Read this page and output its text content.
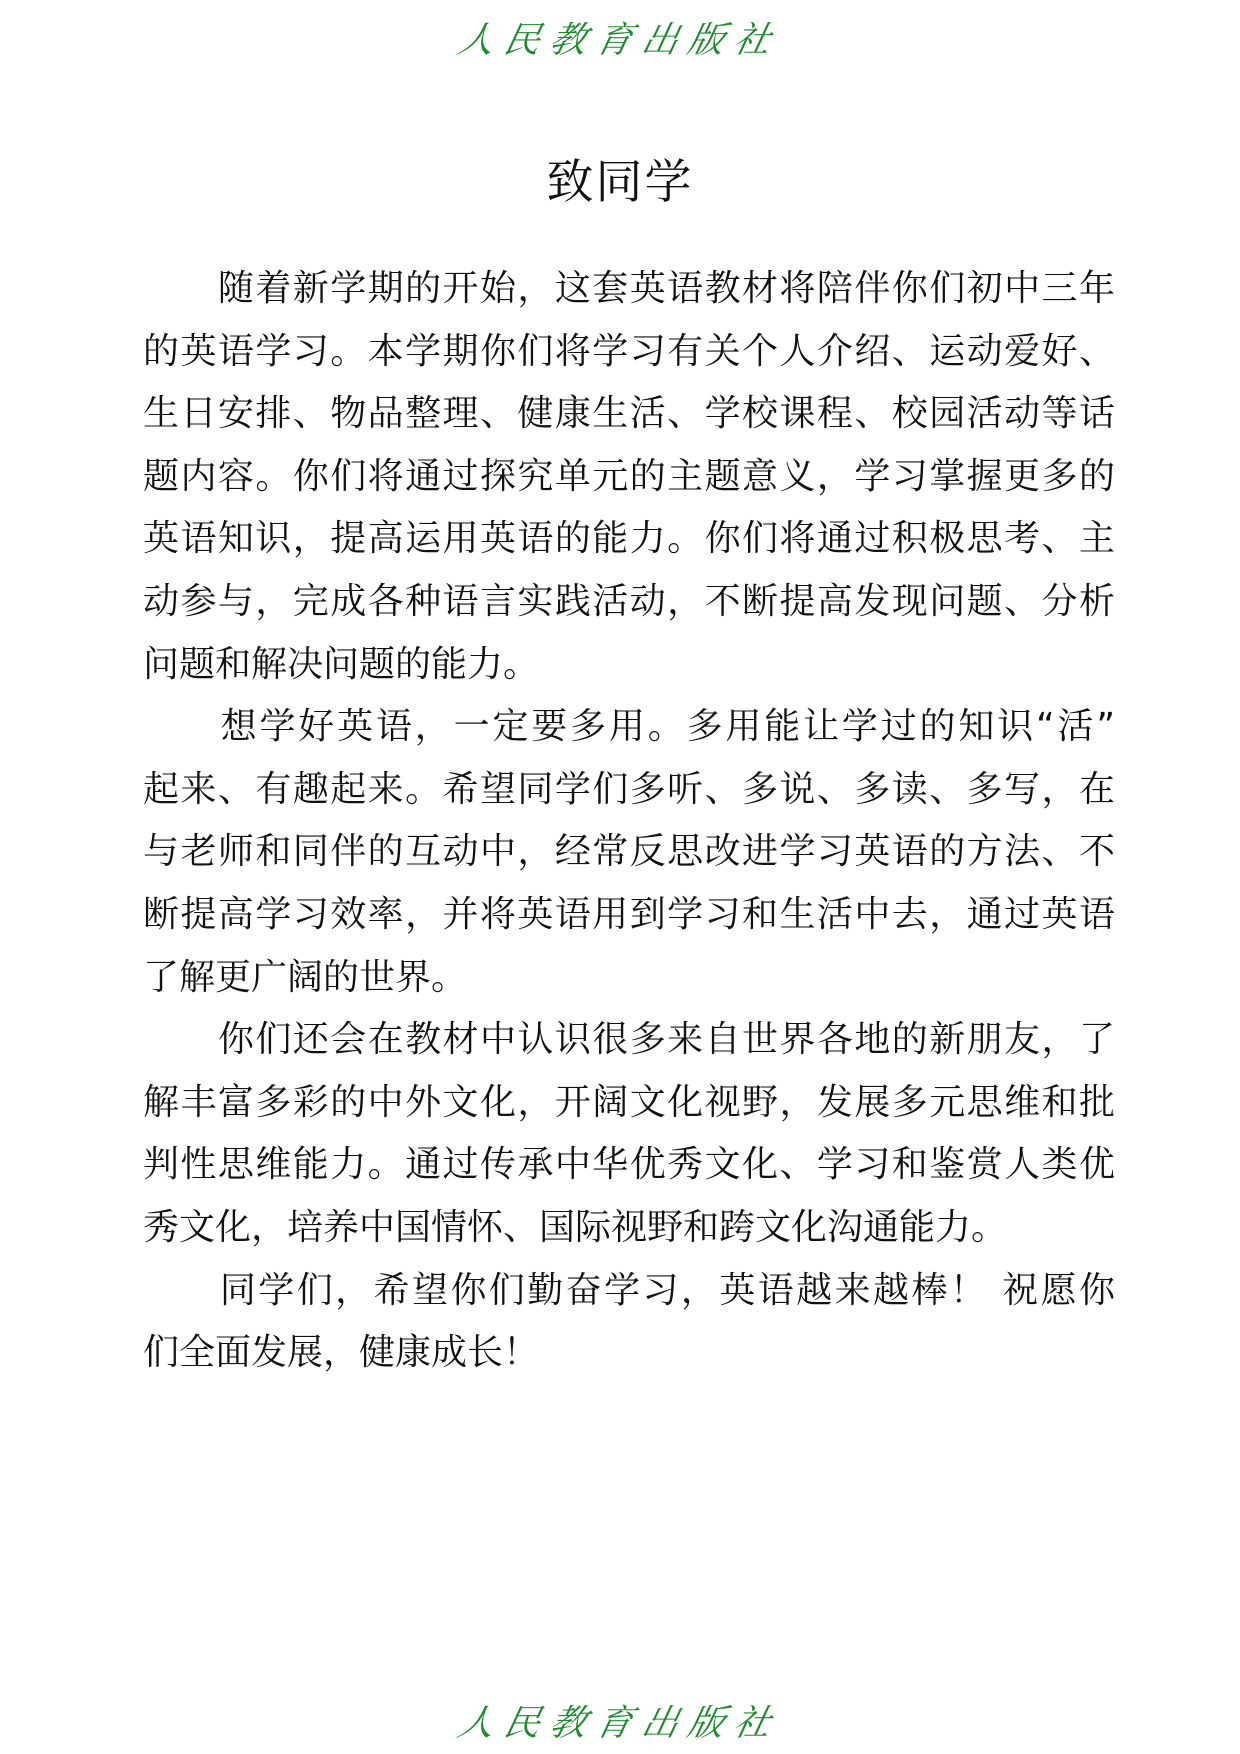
人民教育出版社
致同学
　　随着新学期的开始，这套英语教材将陪伴你们初中三年
的英语学习。本学期你们将学习有关个人介绍、运动爱好、
生日安排、物品整理、健康生活、学校课程、校园活动等话
题内容。你们将通过探究单元的主题意义，学习掌握更多的
英语知识，提高运用英语的能力。你们将通过积极思考、主
动参与，完成各种语言实践活动，不断提高发现问题、分析
问题和解决问题的能力。
　　想学好英语，一定要多用。多用能让学过的知识“活”
起来、有趣起来。希望同学们多听、多说、多读、多写，在
与老师和同伴的互动中，经常反思改进学习英语的方法、不
断提高学习效率，并将英语用到学习和生活中去，通过英语
了解更广阔的世界。
　　你们还会在教材中认识很多来自世界各地的新朋友，了
解丰富多彩的中外文化，开阔文化视野，发展多元思维和批
判性思维能力。通过传承中华优秀文化、学习和鉴赏人类优
秀文化，培养中国情怀、国际视野和跨文化沟通能力。
　　同学们，希望你们勤奋学习，英语越来越棒！ 祝愿你
们全面发展，健康成长！
人民教育出版社
